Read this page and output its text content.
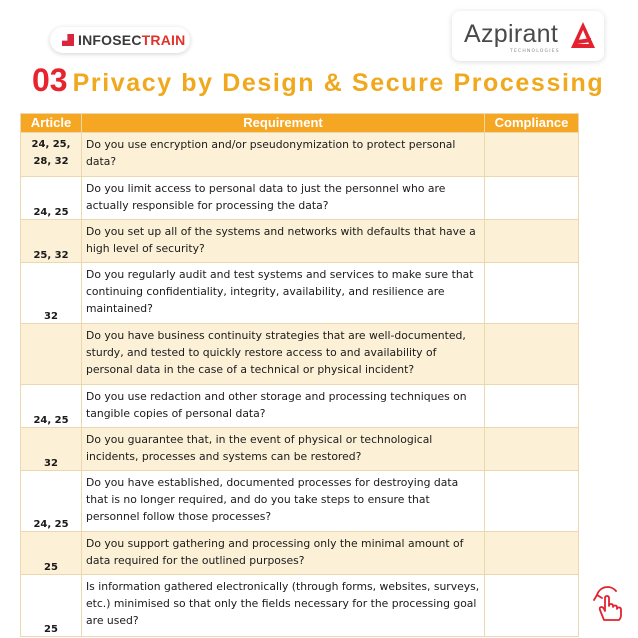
INFOSECTRAIN	Azpirant
TECHNOLOGIES
03 Privacy by Design & Secure Processing
Article	Requirement	Compliance
24, 25, 28, 32	Do you use encryption and/or pseudonymization to protect personal data?	
24, 25	Do you limit access to personal data to just the personnel who are actually responsible for processing the data?	
25, 32	Do you set up all of the systems and networks with defaults that have a high level of security?	
32	Do you regularly audit and test systems and services to make sure that continuing confidentiality, integrity, availability, and resilience are maintained?	
	Do you have business continuity strategies that are well-documented, sturdy, and tested to quickly restore access to and availability of personal data in the case of a technical or physical incident?	
24, 25	Do you use redaction and other storage and processing techniques on tangible copies of personal data?	
32	Do you guarantee that, in the event of physical or technological incidents, processes and systems can be restored?	
24, 25	Do you have established, documented processes for destroying data that is no longer required, and do you take steps to ensure that personnel follow those processes?	
25	Do you support gathering and processing only the minimal amount of data required for the outlined purposes?	
25	Is information gathered electronically (through forms, websites, surveys, etc.) minimised so that only the fields necessary for the processing goal are used?	
